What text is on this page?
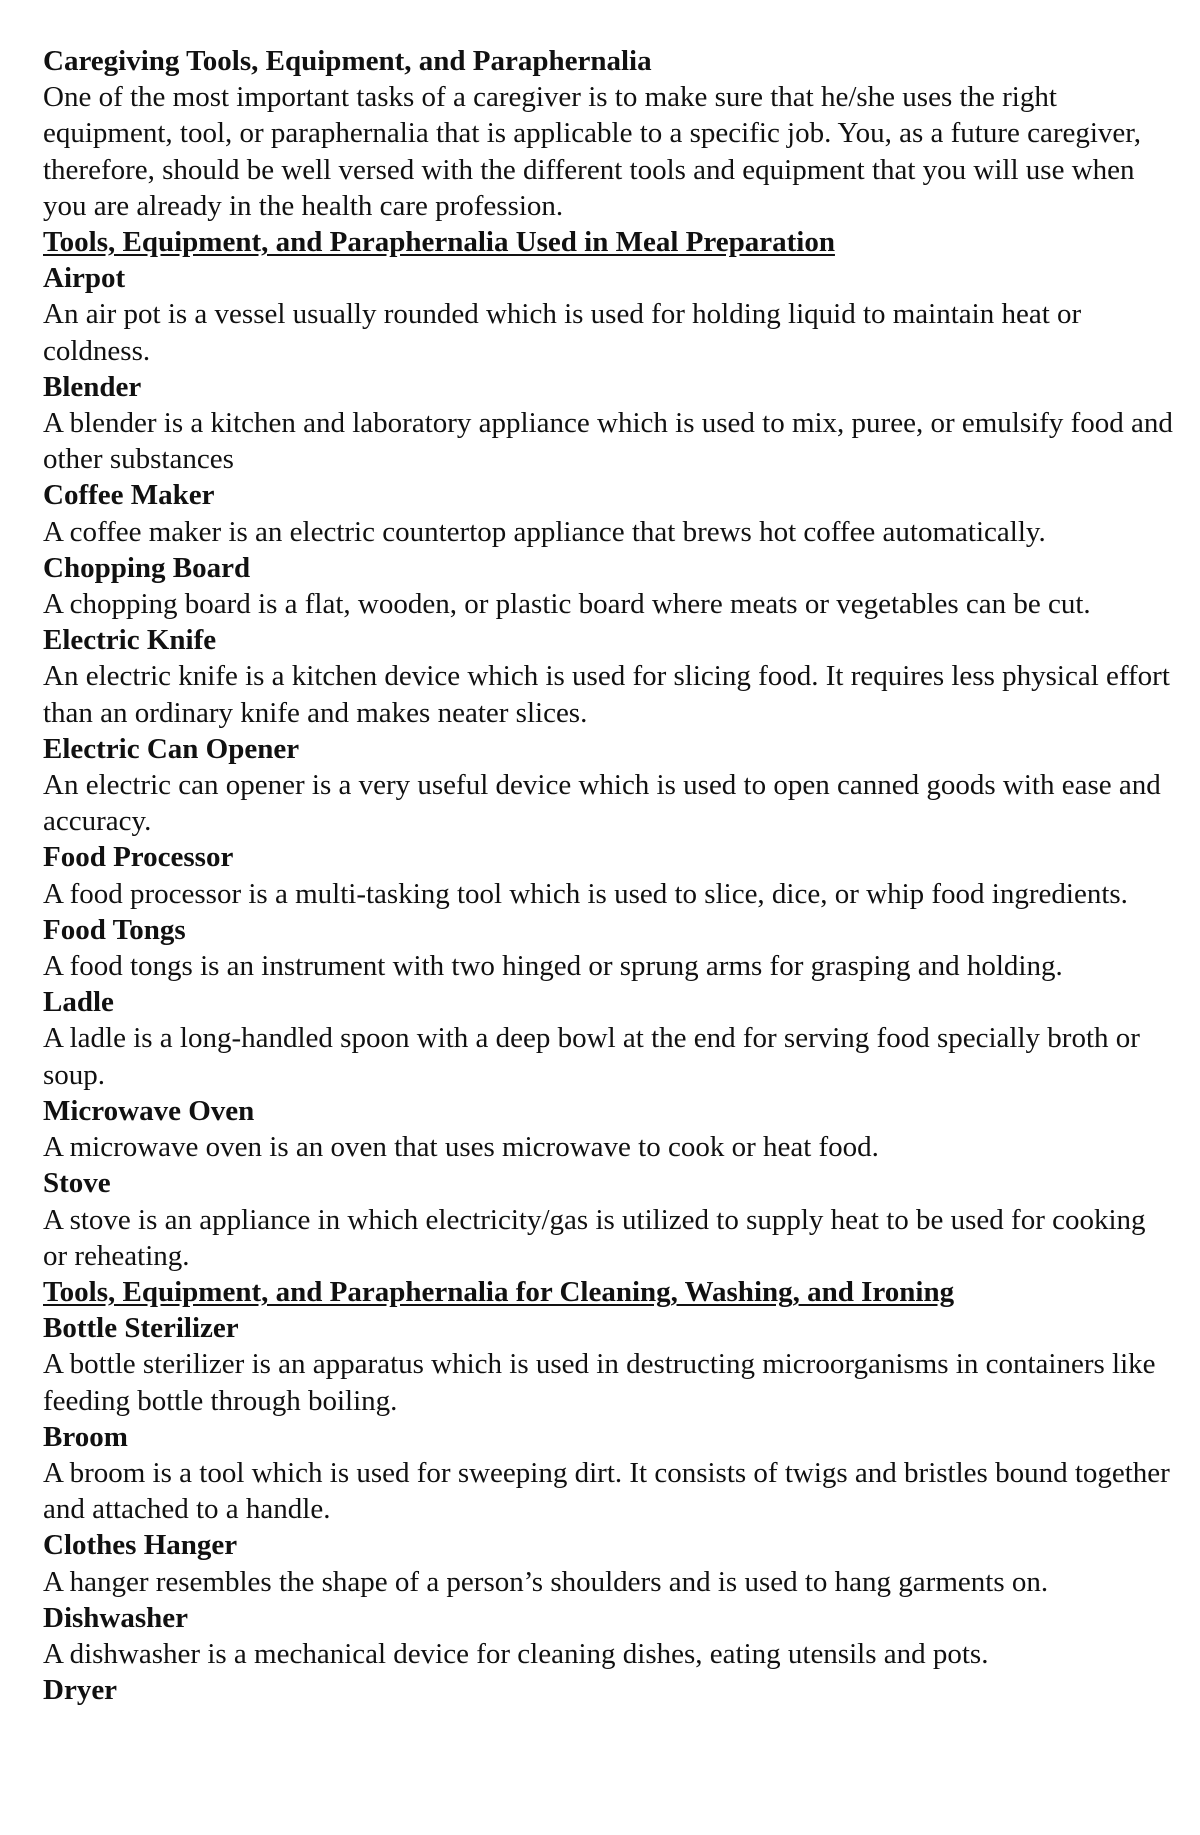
Caregiving Tools, Equipment, and Paraphernalia

One of the most important tasks of a caregiver is to make sure that he/she uses the right equipment, tool, or paraphernalia that is applicable to a specific job. You, as a future caregiver, therefore, should be well versed with the different tools and equipment that you will use when you are already in the health care profession.

Tools, Equipment, and Paraphernalia Used in Meal Preparation

Airpot

An air pot is a vessel usually rounded which is used for holding liquid to maintain heat or coldness.

Blender

A blender is a kitchen and laboratory appliance which is used to mix, puree, or emulsify food and other substances

Coffee Maker

A coffee maker is an electric countertop appliance that brews hot coffee automatically.

Chopping Board

A chopping board is a flat, wooden, or plastic board where meats or vegetables can be cut.

Electric Knife

An electric knife is a kitchen device which is used for slicing food. It requires less physical effort than an ordinary knife and makes neater slices.

Electric Can Opener

An electric can opener is a very useful device which is used to open canned goods with ease and accuracy.

Food Processor

A food processor is a multi-tasking tool which is used to slice, dice, or whip food ingredients.

Food Tongs

A food tongs is an instrument with two hinged or sprung arms for grasping and holding.

Ladle

A ladle is a long-handled spoon with a deep bowl at the end for serving food specially broth or soup.

Microwave Oven

A microwave oven is an oven that uses microwave to cook or heat food.

Stove

A stove is an appliance in which electricity/gas is utilized to supply heat to be used for cooking or reheating.

Tools, Equipment, and Paraphernalia for Cleaning, Washing, and Ironing

Bottle Sterilizer

A bottle sterilizer is an apparatus which is used in destructing microorganisms in containers like feeding bottle through boiling.

Broom

A broom is a tool which is used for sweeping dirt. It consists of twigs and bristles bound together and attached to a handle.

Clothes Hanger

A hanger resembles the shape of a person’s shoulders and is used to hang garments on.

Dishwasher

A dishwasher is a mechanical device for cleaning dishes, eating utensils and pots.

Dryer
